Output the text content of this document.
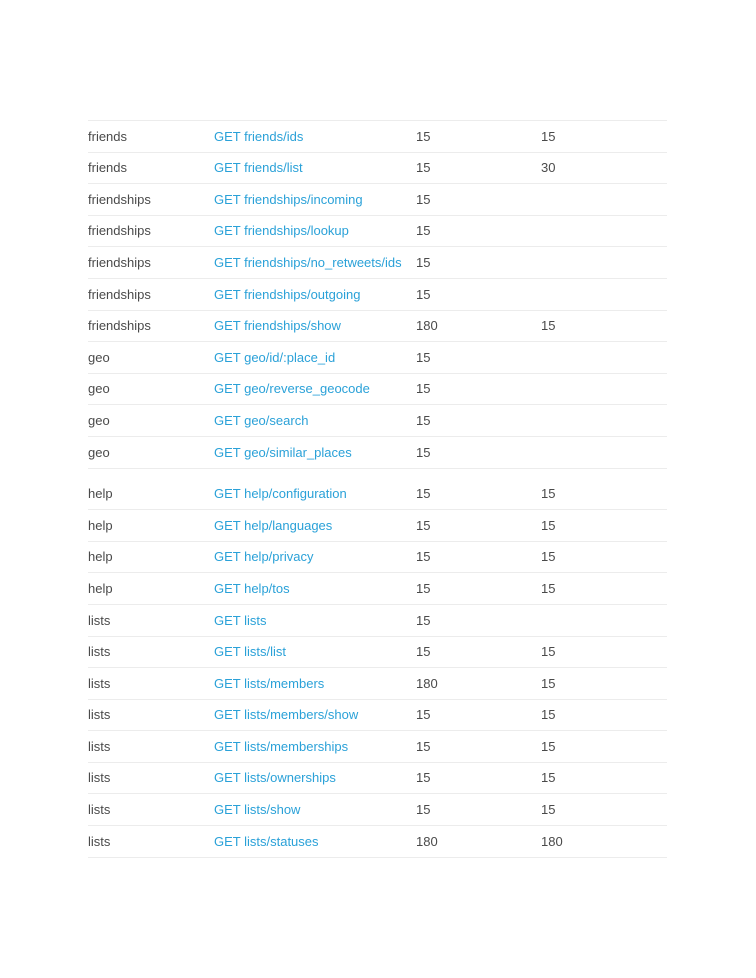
friends	GET friends/ids	15	15
friends	GET friends/list	15	30
friendships	GET friendships/incoming	15
friendships	GET friendships/lookup	15
friendships	GET friendships/no_retweets/ids 15
friendships	GET friendships/outgoing	15
friendships	GET friendships/show	180	15
geo	GET geo/id/:place_id	15
geo	GET geo/reverse_geocode	15
geo	GET geo/search	15
geo	GET geo/similar_places	15
help	GET help/configuration	15	15
help	GET help/languages	15	15
help	GET help/privacy	15	15
help	GET help/tos	15	15
lists	GET lists	15
lists	GET lists/list	15	15
lists	GET lists/members	180	15
lists	GET lists/members/show	15	15
lists	GET lists/memberships	15	15
lists	GET lists/ownerships	15	15
lists	GET lists/show	15	15
lists	GET lists/statuses	180	180
